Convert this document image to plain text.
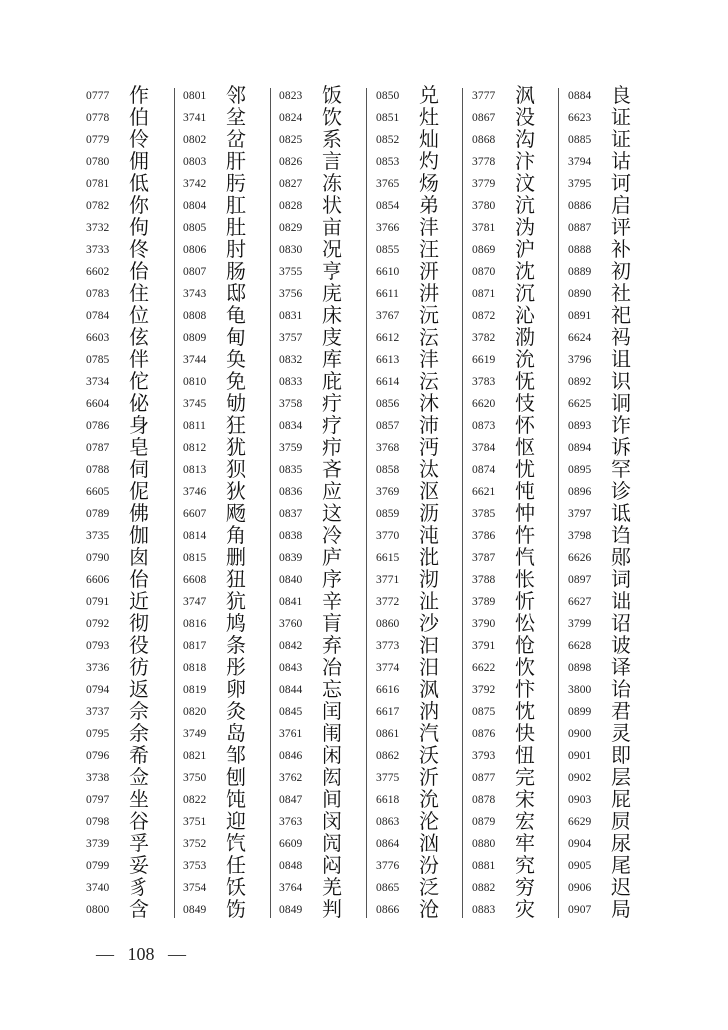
0777 作
0778 伯
0779 伶
0780 佣
0781 低
0782 你
3732 佝
3733 佟
6602 佁
0783 住
0784 位
6603 伭
0785 伴
3734 佗
6604 佖
0786 身
0787 皂
0788 伺
6605 伲
0789 佛
3735 伽
0790 囱
6606 佁
0791 近
0792 彻
0793 役
3736 彷
0794 返
3737 佘
0795 余
0796 希
3738 佥
0797 坐
0798 谷
3739 孚
0799 妥
3740 豸
0800 含
0801 邻
3741 坌
0802 岔
0803 肝
3742 肟
0804 肛
0805 肚
0806 肘
0807 肠
3743 邸
0808 龟
0809 甸
3744 奂
0810 免
3745 劬
0811	狂
0812 犹
0813 狈
3746 狄
6607 飏
0814 角
0815 删
6608 狃
3747 犺
0816 鸠
0817 条
0818 彤
0819 卵
0820 灸
3749 岛
0821 邹
3750 刨
0822 饨
3751 迎
3752 饩
3753 任
3754 饫
0849 饬
0823 饭
0824 饮
0825 系
0826 言
0827 冻
0828 状
0829 亩
0830 况
3755 亨
3756 庑
0831 床
3757 庋
0832 库
0833 庇
3758 疔
0834 疗
3759 疖
0835 吝
0836 应
0837 这
0838 冷
0839 庐
0840 序
0841 辛
3760 肓
0842 弃
0843 冶
0844 忘
0845 闰
3761 闱
0846 闲
3762 闳
0847 间
3763 闵
6609 闶
0848 闷
3764 羌
0849 判
0850 兑
0851 灶
0852 灿
0853 灼
3765 炀
0854 弟
3766 沣
0855 汪
6610 汧
6611	汫
3767 沅
6612 沄
6613 沣
6614 沄
0856 沐
0857 沛
3768 沔
0858 汰
3769 沤
0859 沥
3770 沌
6615 沘
3771 沏
3772 沚
0860 沙
3773 汩
3774 汨
6616 沨
6617 汭
0861 汽
0862 沃
3775 沂
6618 沇
0863 沦
0864 汹
3776 汾
0865 泛
0866 沧
3777 沨
0867 没
0868 沟
3778 汴
3779 汶
3780 沆
3781 沩
0869 沪
0870 沈
0871 沉
0872 沁
3782 泐
6619 沇
3783 怃
6620 忮
0873 怀
3784 怄
0874 忧
6621 忳
3785 忡
3786 忤
3787 忾
3788 怅
3789 忻
3790 忪
3791 怆
6622 忺
3792 忭
0875 忱
0876 快
3793 忸
0877 完
0878 宋
0879 宏
0880 牢
0881 究
0882 穷
0883 灾
0884 良
6623 证
0885 证
3794 诂
3795 诃
0886 启
0887 评
0888 补
0889 初
0890 社
0891 祀
6624 祃
3796 诅
0892 识
6625 诇
0893 诈
0894 诉
0895 罕
0896 诊
3797 诋
3798 诌
6626 郧
0897 词
6627 诎
3799 诏
6628 诐
0898 译
3800 诒
0899 君
0900 灵
0901 即
0902 层
0903 屁
6629 屃
0904 尿
0905 尾
0906 迟
0907 局
— 108 —
